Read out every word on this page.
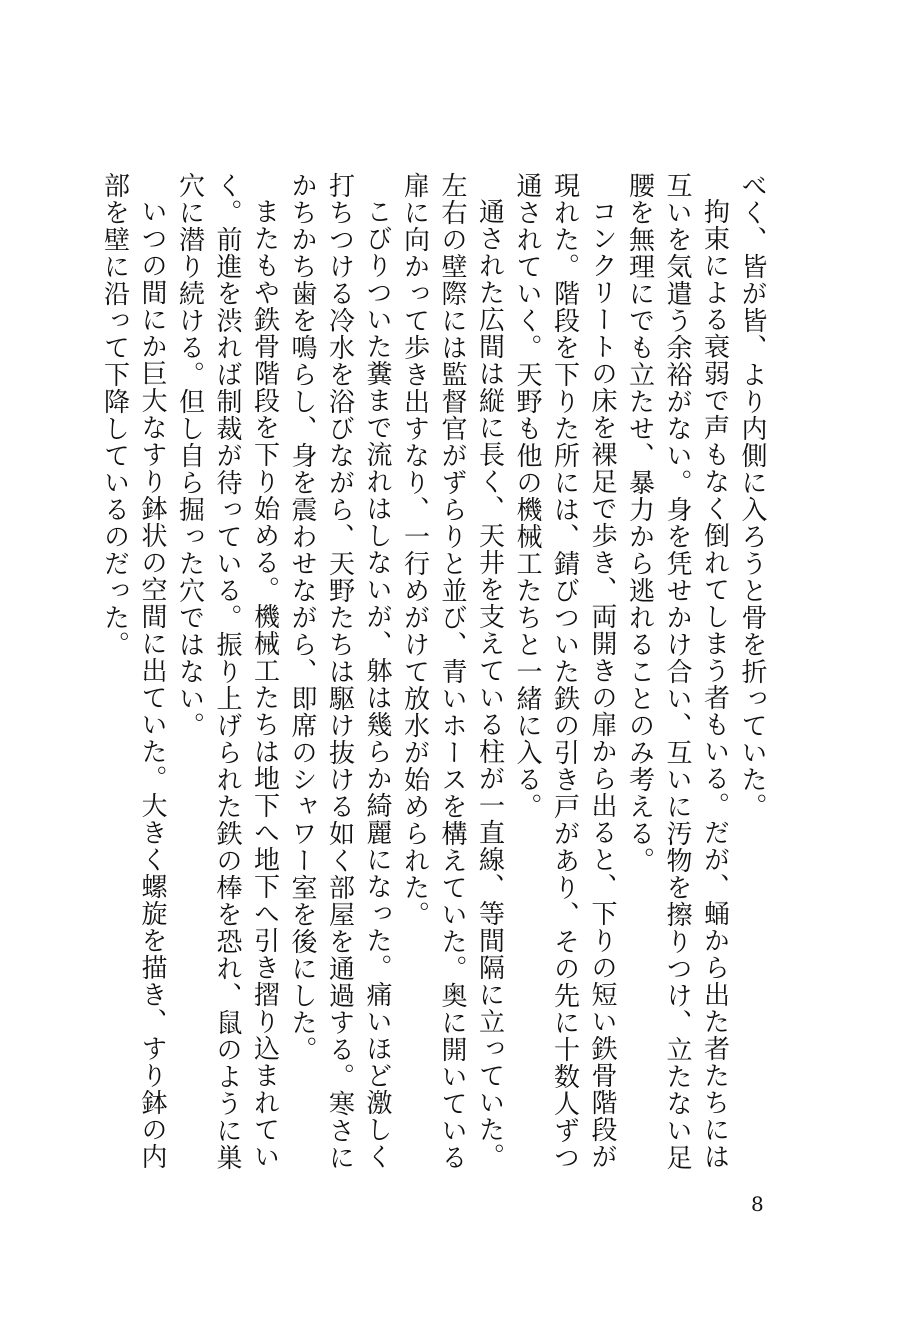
べく、皆が皆、より内側に入ろうと骨を折っていた。

拘束による衰弱で声もなく倒れてしまう者もいる。だが、蛹から出た者たちには互いを気遣う余裕がない。身を凭せかけ合い、互いに汚物を擦りつけ、立たない足腰を無理にでも立たせ、暴力から逃れることのみ考える。

コンクリートの床を裸足で歩き、両開きの扉から出ると、下りの短い鉄骨階段が現れた。階段を下りた所には、錆びついた鉄の引き戸があり、その先に十数人ずつ通されていく。天野も他の機械工たちと一緒に入る。

通された広間は縦に長く、天井を支えている柱が一直線、等間隔に立っていた。左右の壁際には監督官がずらりと並び、青いホースを構えていた。奥に開いている扉に向かって歩き出すなり、一行めがけて放水が始められた。

こびりついた糞まで流れはしないが、躰は幾らか綺麗になった。痛いほど激しく打ちつける冷水を浴びながら、天野たちは駆け抜ける如く部屋を通過する。寒さにかちかち歯を鳴らし、身を震わせながら、即席のシャワー室を後にした。

またもや鉄骨階段を下り始める。機械工たちは地下へ地下へ引き摺り込まれていく。前進を渋れば制裁が待っている。振り上げられた鉄の棒を恐れ、鼠のように巣穴に潜り続ける。但し自ら掘った穴ではない。

いつの間にか巨大なすり鉢状の空間に出ていた。大きく螺旋を描き、すり鉢の内部を壁に沿って下降しているのだった。

8
